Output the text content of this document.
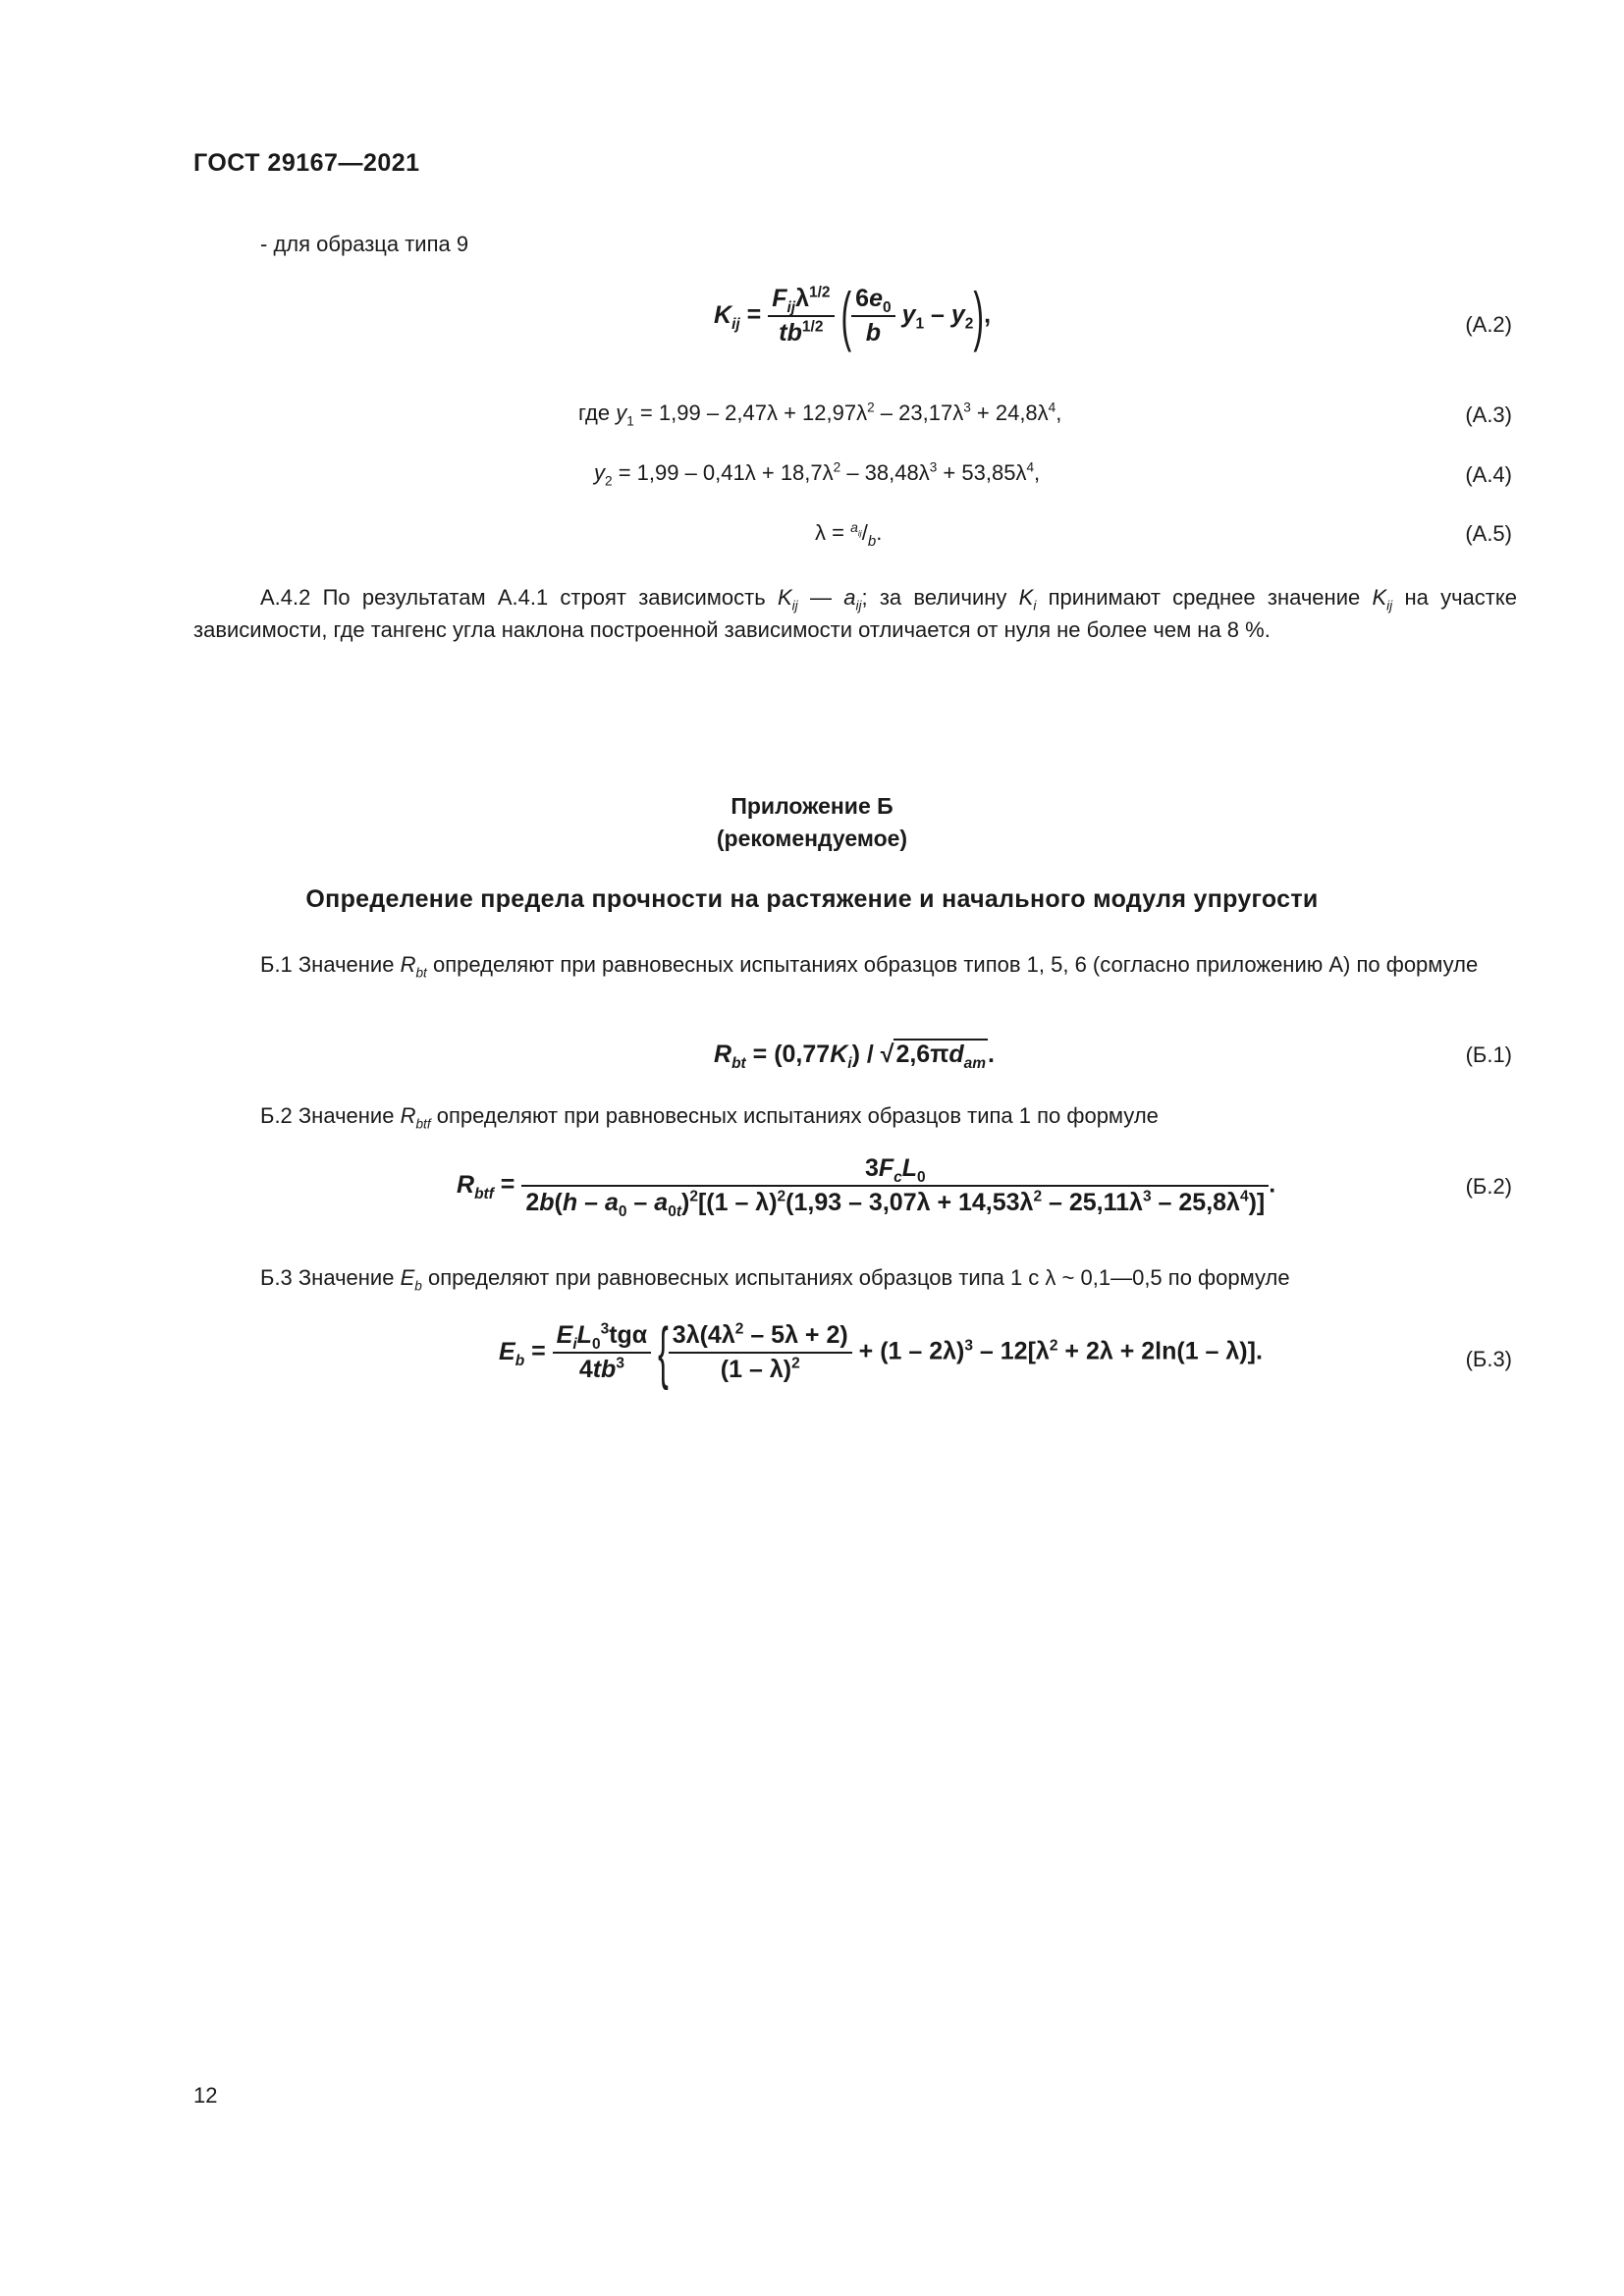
ГОСТ 29167—2021
- для образца типа 9
$K_{ij} = \frac{F_{ij}\lambda^{1/2}}{tb^{1/2}}$ ( $\frac{6e_0}{b} y_1 - y_2$),	(А.2)
где $y_1 = 1,99 - 2,47\lambda + 12,97\lambda^2 - 23,17\lambda^3 + 24,8\lambda^4$,	(А.3)
$y_2 = 1,99 - 0,41\lambda + 18,7\lambda^2 - 38,48\lambda^3 + 53,85\lambda^4$,	(А.4)
$\lambda = ^{a_{ij}}/_b$.	(А.5)
А.4.2 По результатам А.4.1 строят зависимость $K_{ij}$ — $a_{ij}$; за величину $K_i$ принимают среднее значение $K_{ij}$ на участке зависимости, где тангенс угла наклона построенной зависимости отличается от нуля не более чем на 8 %.
Приложение Б
(рекомендуемое)
Определение предела прочности на растяжение и начального модуля упругости
Б.1 Значение $R_{bt}$ определяют при равновесных испытаниях образцов типов 1, 5, 6 (согласно приложению А) по формуле
$R_{bt} = (0,77K_i) / √2,6\pi d_{am}$.	(Б.1)
Б.2 Значение $R_{btf}$ определяют при равновесных испытаниях образцов типа 1 по формуле
$R_{btf}$ =
$3F_cL_0$
$2b(h - a_0 - a_{0t})^2[(1 - \lambda)^2(1,93 - 3,07\lambda + 14,53\lambda^2 - 25,11\lambda^3 - 25,8\lambda^4)]$
.	(Б.2)
Б.3 Значение $E_b$ определяют при равновесных испытаниях образцов типа 1 с λ ~ 0,1—0,5 по формуле
$E_b = \frac{E_iL_0^3tg\alpha}{4tb^3}$ { $\frac{3\lambda(4\lambda^2 - 5\lambda + 2)}{(1 - \lambda)^2} + (1 - 2\lambda)^3 - 12[\lambda^2 + 2\lambda + 2\ln(1 - \lambda)]$.	(Б.3)
12
